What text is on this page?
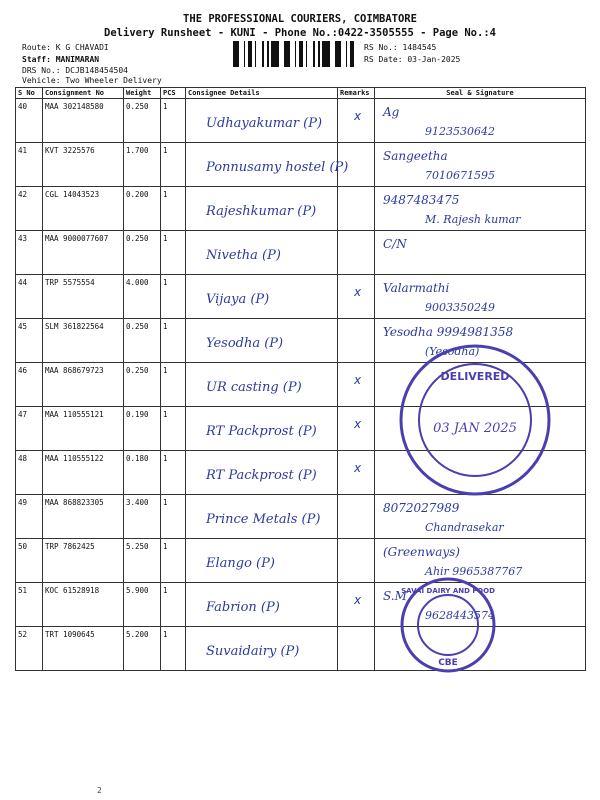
THE PROFESSIONAL COURIERS, COIMBATORE
Delivery Runsheet - KUNI - Phone No.:0422-3505555 - Page No.:4
Route: K G CHAVADI
Staff: MANIMARAN
DRS No.: DCJB148454504
Vehicle: Two Wheeler Delivery
RS No.: 1484545
RS Date: 03-Jan-2025
S No	Consignment No	Weight	PCS	Consignee Details	Remarks	Seal & Signature
40	MAA 302148580	0.250	1	Udhayakumar (P)	x	Ag
9123530642

41	KVT 3225576	1.700	1	Ponnusamy hostel (P)		Sangeetha
7010671595

42	CGL 14043523	0.200	1	Rajeshkumar (P)		9487483475
M. Rajesh kumar

43	MAA 9000077607	0.250	1	Nivetha (P)		C/N

44	TRP 5575554	4.000	1	Vijaya (P)	x	Valarmathi
9003350249

45	SLM 361822564	0.250	1	Yesodha (P)		Yesodha 9994981358
(Yesodha)

46	MAA 868679723	0.250	1	UR casting (P)	x	

47	MAA 110555121	0.190	1	RT Packprost (P)	x	

48	MAA 110555122	0.180	1	RT Packprost (P)	x	

49	MAA 868823305	3.400	1	Prince Metals (P)		8072027989
Chandrasekar

50	TRP 7862425	5.250	1	Elango (P)		(Greenways)
Ahir 9965387767

51	KOC 61528918	5.900	1	Fabrion (P)	x	S.M
9628443574

52	TRT 1090645	5.200	1	Suvaidairy (P)		

DELIVERED
03 JAN 2025
SAVAI DAIRY AND FOOD
CBE
2
